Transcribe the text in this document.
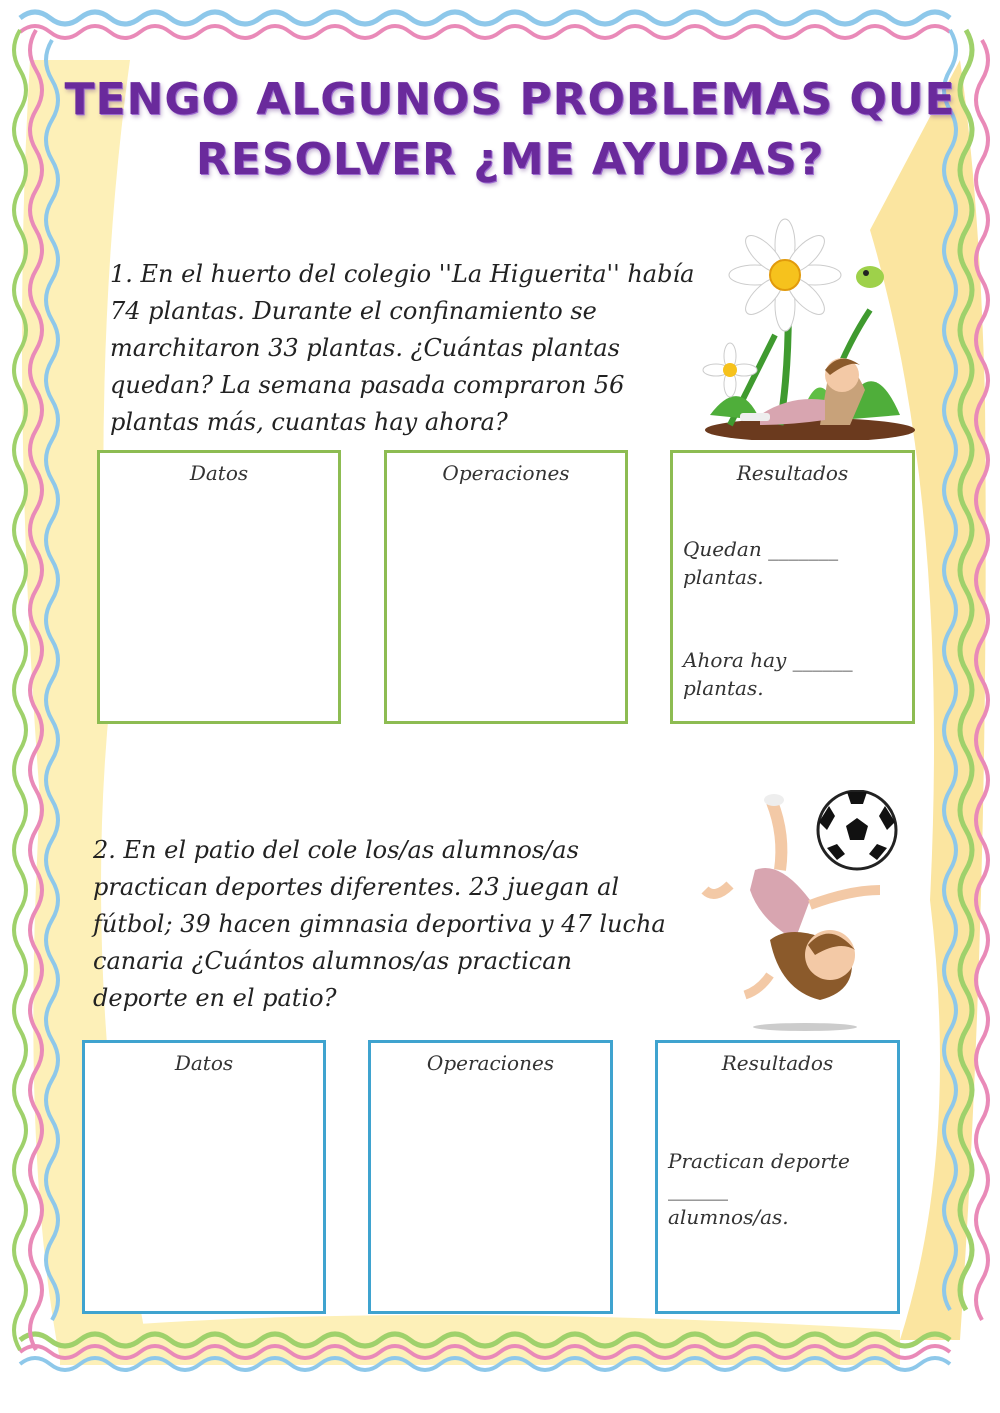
TENGO ALGUNOS PROBLEMAS QUE
RESOLVER ¿ME AYUDAS?
1. En el huerto del colegio ''La Higuerita'' había
74 plantas. Durante el confinamiento se
marchitaron 33 plantas. ¿Cuántas plantas
quedan? La semana pasada compraron 56
plantas más, cuantas hay ahora?
Datos	Operaciones	Resultados
Quedan _______
plantas.
Ahora hay ______
plantas.
2. En el patio del cole los/as alumnos/as
practican deportes diferentes. 23 juegan al
fútbol; 39 hacen gimnasia deportiva y 47 lucha
canaria ¿Cuántos alumnos/as practican
deporte en el patio?
Datos	Operaciones	Resultados
Practican deporte
______
alumnos/as.
